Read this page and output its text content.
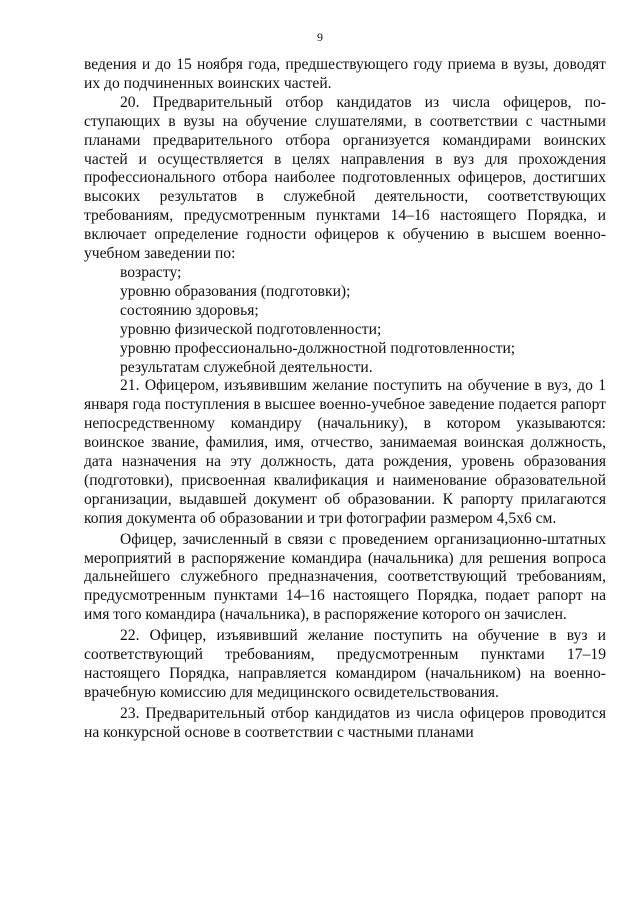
9

ведения и до 15 ноября года, предшествующего году приема в вузы, доводят их до подчиненных воинских частей.

20. Предварительный отбор кандидатов из числа офицеров, поступающих в вузы на обучение слушателями, в соответствии с частными планами предварительного отбора организуется командирами воинских частей и осуществляется в целях направления в вуз для прохождения профессионального отбора наиболее подготовленных офицеров, достигших высоких результатов в служебной деятельности, соответствующих требованиям, предусмотренным пунктами 14–16 настоящего Порядка, и включает определение годности офицеров к обучению в высшем военно-учебном заведении по:

возрасту;

уровню образования (подготовки);

состоянию здоровья;

уровню физической подготовленности;

уровню профессионально-должностной подготовленности;

результатам служебной деятельности.

21. Офицером, изъявившим желание поступить на обучение в вуз, до 1 января года поступления в высшее военно-учебное заведение подается рапорт непосредственному командиру (начальнику), в котором указываются: воинское звание, фамилия, имя, отчество, занимаемая воинская должность, дата назначения на эту должность, дата рождения, уровень образования (подготовки), присвоенная квалификация и наименование образовательной организации, выдавшей документ об образовании. К рапорту прилагаются копия документа об образовании и три фотографии размером 4,5х6 см.

Офицер, зачисленный в связи с проведением организационно-штатных мероприятий в распоряжение командира (начальника) для решения вопроса дальнейшего служебного предназначения, соответствующий требованиям, предусмотренным пунктами 14–16 настоящего Порядка, подает рапорт на имя того командира (начальника), в распоряжение которого он зачислен.

22. Офицер, изъявивший желание поступить на обучение в вуз и соответствующий требованиям, предусмотренным пунктами 17–19 настоящего Порядка, направляется командиром (начальником) на военно-врачебную комиссию для медицинского освидетельствования.

23. Предварительный отбор кандидатов из числа офицеров проводится на конкурсной основе в соответствии с частными планами
